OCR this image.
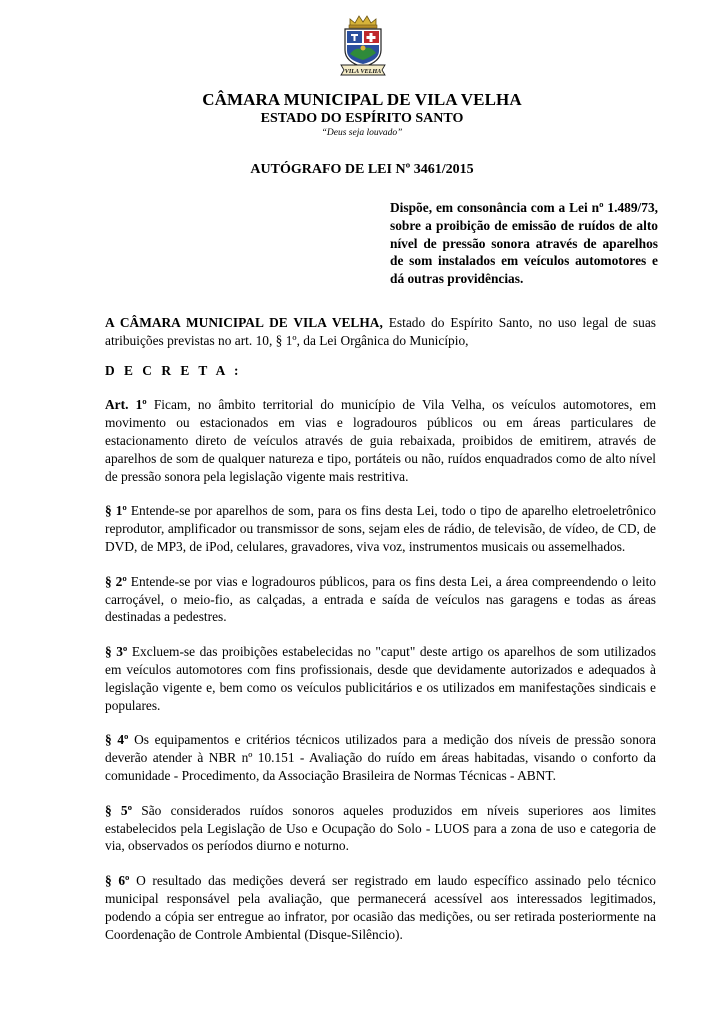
VILA VELHA
CÂMARA MUNICIPAL DE VILA VELHA
ESTADO DO ESPÍRITO SANTO
“Deus seja louvado”
AUTÓGRAFO DE LEI Nº 3461/2015
Dispõe, em consonância com a Lei nº 1.489/73, sobre a proibição de emissão de ruídos de alto nível de pressão sonora através de aparelhos de som instalados em veículos automotores e dá outras providências.

A CÂMARA MUNICIPAL DE VILA VELHA, Estado do Espírito Santo, no uso legal de suas atribuições previstas no art. 10, § 1º, da Lei Orgânica do Município,

D E C R E T A :

Art. 1º Ficam, no âmbito territorial do município de Vila Velha, os veículos automotores, em movimento ou estacionados em vias e logradouros públicos ou em áreas particulares de estacionamento direto de veículos através de guia rebaixada, proibidos de emitirem, através de aparelhos de som de qualquer natureza e tipo, portáteis ou não, ruídos enquadrados como de alto nível de pressão sonora pela legislação vigente mais restritiva.

§ 1º Entende-se por aparelhos de som, para os fins desta Lei, todo o tipo de aparelho eletroeletrônico reprodutor, amplificador ou transmissor de sons, sejam eles de rádio, de televisão, de vídeo, de CD, de DVD, de MP3, de iPod, celulares, gravadores, viva voz, instrumentos musicais ou assemelhados.

§ 2º Entende-se por vias e logradouros públicos, para os fins desta Lei, a área compreendendo o leito carroçável, o meio-fio, as calçadas, a entrada e saída de veículos nas garagens e todas as áreas destinadas a pedestres.

§ 3º Excluem-se das proibições estabelecidas no "caput" deste artigo os aparelhos de som utilizados em veículos automotores com fins profissionais, desde que devidamente autorizados e adequados à legislação vigente e, bem como os veículos publicitários e os utilizados em manifestações sindicais e populares.

§ 4º Os equipamentos e critérios técnicos utilizados para a medição dos níveis de pressão sonora deverão atender à NBR nº 10.151 - Avaliação do ruído em áreas habitadas, visando o conforto da comunidade - Procedimento, da Associação Brasileira de Normas Técnicas - ABNT.

§ 5º São considerados ruídos sonoros aqueles produzidos em níveis superiores aos limites estabelecidos pela Legislação de Uso e Ocupação do Solo - LUOS para a zona de uso e categoria de via, observados os períodos diurno e noturno.

§ 6º O resultado das medições deverá ser registrado em laudo específico assinado pelo técnico municipal responsável pela avaliação, que permanecerá acessível aos interessados legitimados, podendo a cópia ser entregue ao infrator, por ocasião das medições, ou ser retirada posteriormente na Coordenação de Controle Ambiental (Disque-Silêncio).
